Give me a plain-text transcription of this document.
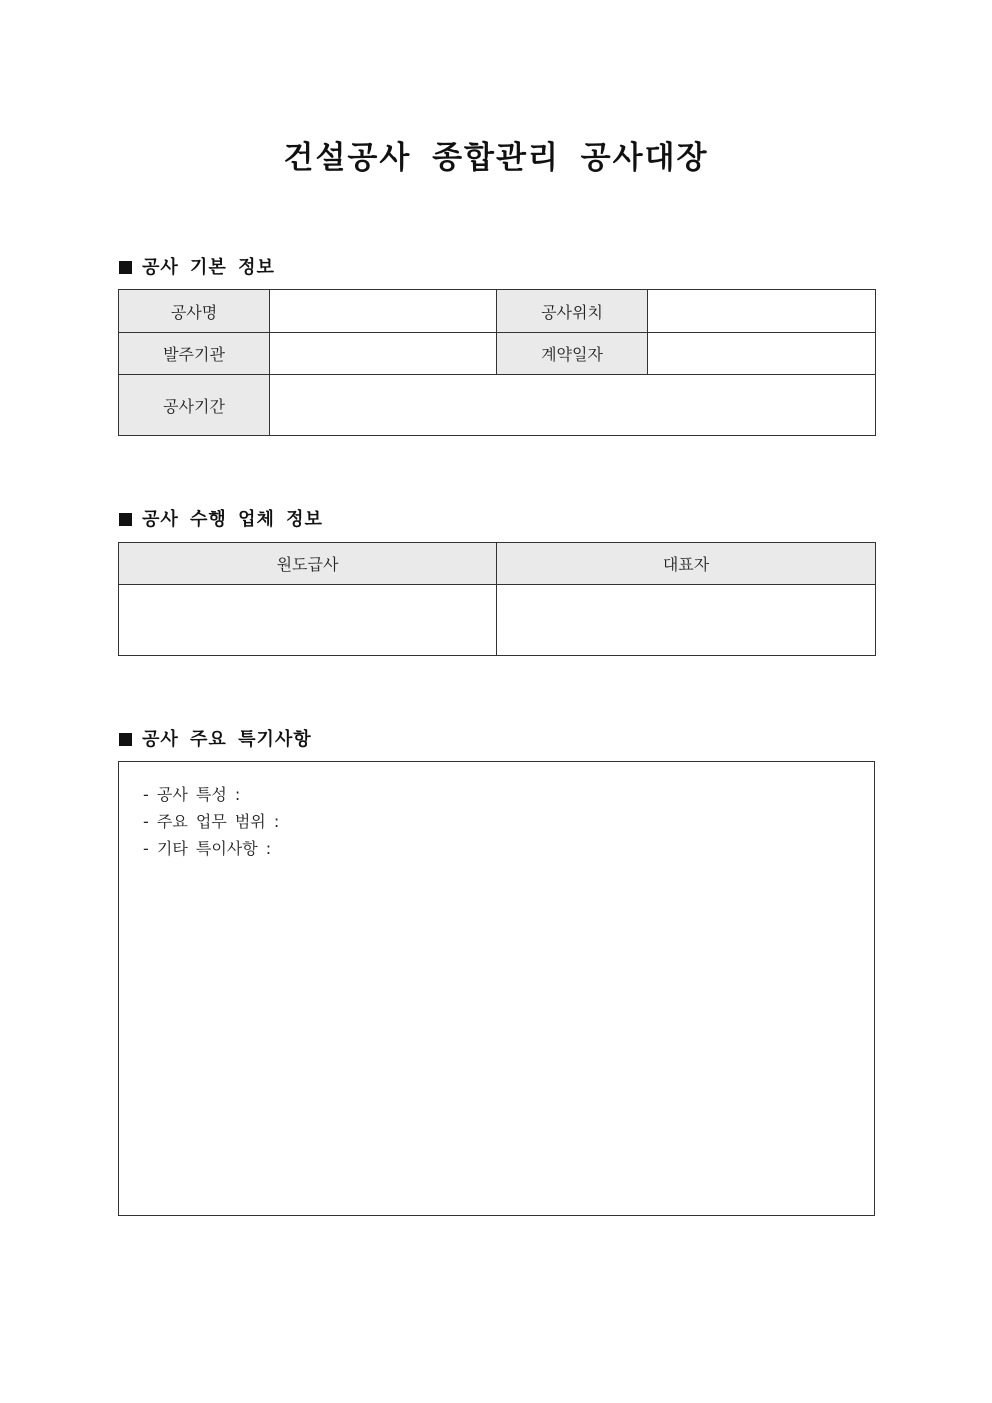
건설공사 종합관리 공사대장
공사 기본 정보
공사명		공사위치	
발주기관		계약일자	
공사기간			
공사 수행 업체 정보
원도급사	대표자

공사 주요 특기사항
- 공사 특성 :
- 주요 업무 범위 :
- 기타 특이사항 :
